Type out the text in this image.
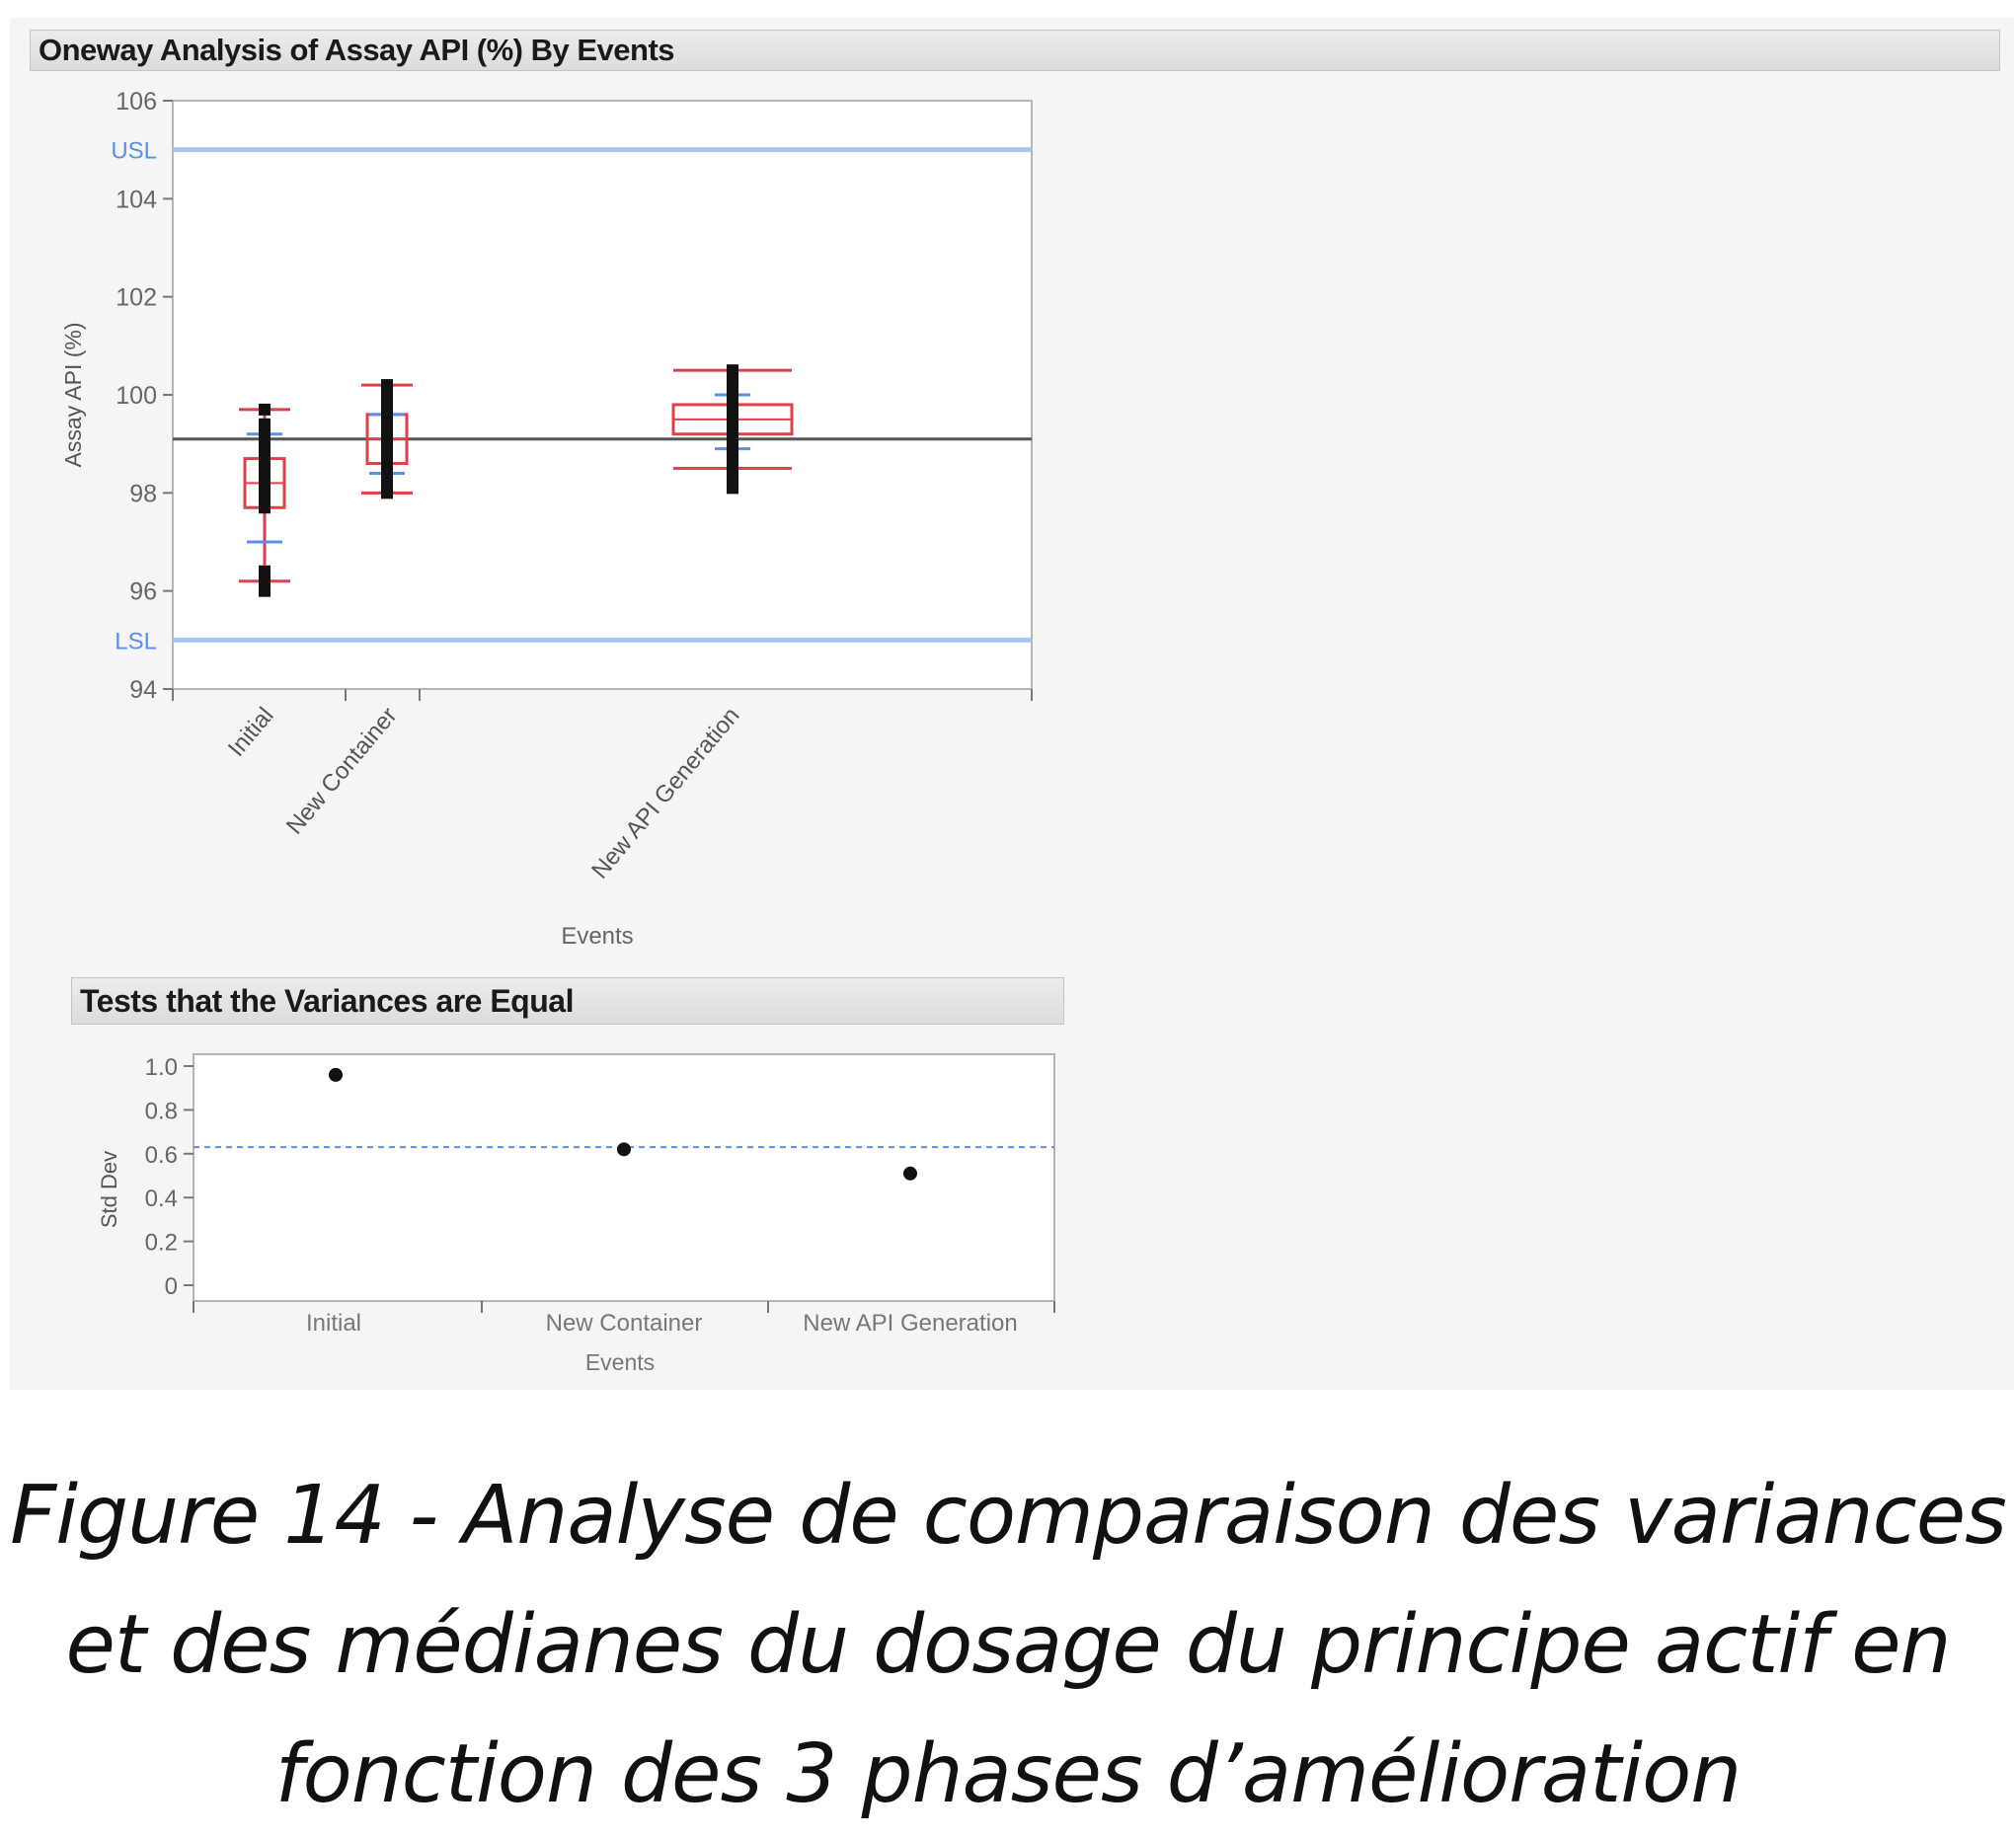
Oneway Analysis of Assay API (%) By Events
94
96
98
100
102
104
106
Assay API (%)
USL
LSL
Initial New Container	New API Generation
Events
Tests that the Variances are Equal
0
0.2
0.4
0.6
0.8
1.0
Std Dev
Initial	New Container	New API Generation
Events
Figure 14 - Analyse de comparaison des variances
et des médianes du dosage du principe actif en
fonction des 3 phases d’amélioration
